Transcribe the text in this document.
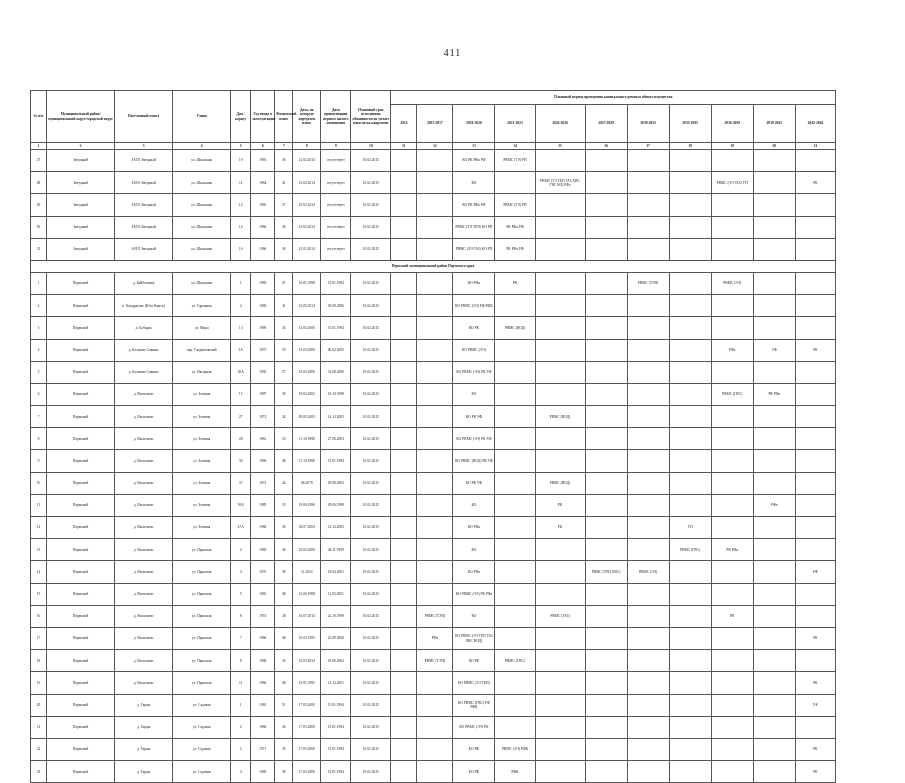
411
№ п/п	Муниципальный район/муниципальный округ/городской округ	Населенный пункт	Улица	Дом / корпус	Год ввода в эксплуатацию	Физический износ	Дата, на которую определен износ	Дата приватизации первого жилого помещения	Плановый срок исполнения обязанности по уплате взносов на капремонт	Плановый период проведения капитального ремонта общего имущества										
										2014	2015-2017	2018-2020	2021-2023	2024-2026	2027-2029	2030-2032	2033-2035	2036-2038	2039-2041	2042-2044
1	2	3	4	5	6	7	8	9	10	11	12	13	14	15	16	17	18	19	20	21
47	Звездный	ЗАТО Звездный	ул. Школьная	10	1965	36	21.02.2014	отсутствует	01.02.2015			КО РК РФа РФ	РВМС (ТЭ) РП							
48	Звездный	ЗАТО Звездный	ул. Школьная	11	1964	41	21.02.2014	отсутствует	01.02.2015			КО		РВМС (ТЭ ТЕП ГАЗ ХВС ГВС ВО) РФа				РВМС (ЭЭ ГАЗ) УП		РК
49	Звездный	ЗАТО Звездный	ул. Школьная	12	1965	37	21.02.2014	отсутствует	01.02.2015			КО РК РФа РФ	РВМС (ТЭ) РП							
50	Звездный	ЗАТО Звездный	ул. Школьная	14	1966	36	21.02.2014	отсутствует	01.02.2015			РВМС (ТЭ ТЕП) КО РП	РК РФа РФ							
51	Звездный	ЗАТО Звездный	ул. Школьная	16	1966	36	21.02.2014	отсутствует	01.02.2015			РВМС (ЭЭ ГАЗ) КО РП	РК РФа РФ							
Пермский муниципальный район Пермского края																				
1	Пермский	д. Байболовка	ул. Школьная	1	1983	47	16.01.1998	15.01.1994	01.02.2015			КО РФа	РК			РВМС (ТЭП)		РВМС (ЭЭ)		
2	Пермский	п. Кондратово (Юго-Камск)	ул. Гаражная	4	1969	41	12.05.2014	30.08.2006	01.02.2015			КО РВМС (ЭЭ) РФ РФК								
3	Пермский	д. Бобыры	ул. Мира	13	1969	45	13.03.2000	15.01.1994	01.02.2015			КО РК	РВМС (ВОД)							
4	Пермский	д. Большие Савины	пер. Гладышевский	5А	1975	55	13.03.2000	06.02.2005	01.02.2015			КО РВМС (ЭЭ)						РФа	УФ	РК
5	Пермский	д. Большие Савины	ул. Нагорная	20А	1992	57	13.03.2000	31.08.2006	01.02.2015			КО РВМС (ЭЭ) РК УФ								
6	Пермский	д. Васильево	ул. Зеленая	15	1987	39	18.02.2002	16.10.1998	01.02.2015			КО						РВМС (ГВС)	РК РФа	
7	Пермский	д. Васильево	ул. Зеленая	27	1972	42	05.05.2003	14.12.2005	01.02.2015			КО РК УФ		РВМС (ВОД)						
8	Пермский	д. Васильево	ул. Зеленая	28	1961	53	11.10.1988	27.06.2003	01.02.2015			КО РВМС (ЭЭ) РК УФ								
9	Пермский	д. Васильево	ул. Зеленая	30	1966	48	11.10.1988	15.01.1994	01.02.2015			КО РВМС (ВОД) РК УФ								
10	Пермский	д. Васильево	ул. Зеленая	37	1972	42	06.2078	29.08.2003	01.02.2015			КО РК УФ		РВМС (ВОД)						
11	Пермский	д. Васильево	ул. Зеленая	39А	1985	33	19.06.1996	29.06.1998	01.02.2015			КО		РК					РФа	
12	Пермский	д. Васильево	ул. Зеленая	27А	1984	30	03.07.2003	14.12.2005	01.02.2015			КО РФа		РК			УП			
13	Пермский	д. Васильево	ул. Паркская	2	1985	36	25.02.2000	04.11.1999	01.02.2015			КО					РВМС (ГВС)	РК РФа		
14	Пермский	д. Васильево	ул. Паркская	4	1976	38	11.2010	19.04.2001	01.02.2015			КО РФа			РВМС (ТЕП ХВС)	РВМС (ЭЭ)				РФ
15	Пермский	д. Васильево	ул. Паркская	5	1965	48	21.06.1988	11.03.2001	01.02.2015			КО РВМС (ЭЭ) РК РФа								
16	Пермский	д. Васильево	ул. Паркская	6	1974	28	16.07.2014	22.10.1998	01.02.2015		РВМС (ТЭП)	КО		РВМС (ГАЗ)				РК		
17	Пермский	д. Васильево	ул. Паркская	7	1966	48	01.03.1995	25.09.2000	01.02.2015		РФа	КО РВМС (ЭЭ ТЕП ГАЗ ХВС ВОД)								РК
18	Пермский	д. Васильево	ул. Паркская	8	1968	30	12.03.2014	18.06.2002	01.02.2015		РВМС (ТЭП)	КО РК	РВМС (ГВС)							
19	Пермский	д. Васильево	ул. Паркская	11	1966	48	15.01.1995	14.12.2001	01.02.2015			КО РВМС (ЭЭ ТЕП)								РК
20	Пермский	д. Гарцы	ул. Садовая	1	1965	51	17.03.2000	15.01.1994	01.02.2015			КО РВМС (ГВС) РФ РФК								УК
21	Пермский	д. Гарцы	ул. Садовая	2	1966	40	17.03.2000	15.01.1994	01.02.2015			КО РВМС (ЭЭ) РК								
22	Пермский	д. Гарцы	ул. Садовая	3	1971	35	17.03.2000	15.01.1994	01.02.2015			КО РФ	РВМС (ЭЭ) РФК							РК
23	Пермский	д. Гарцы	ул. Садовая	4	1969	38	17.03.2000	15.01.1994	01.02.2015			КО РФ	РФК							РК
